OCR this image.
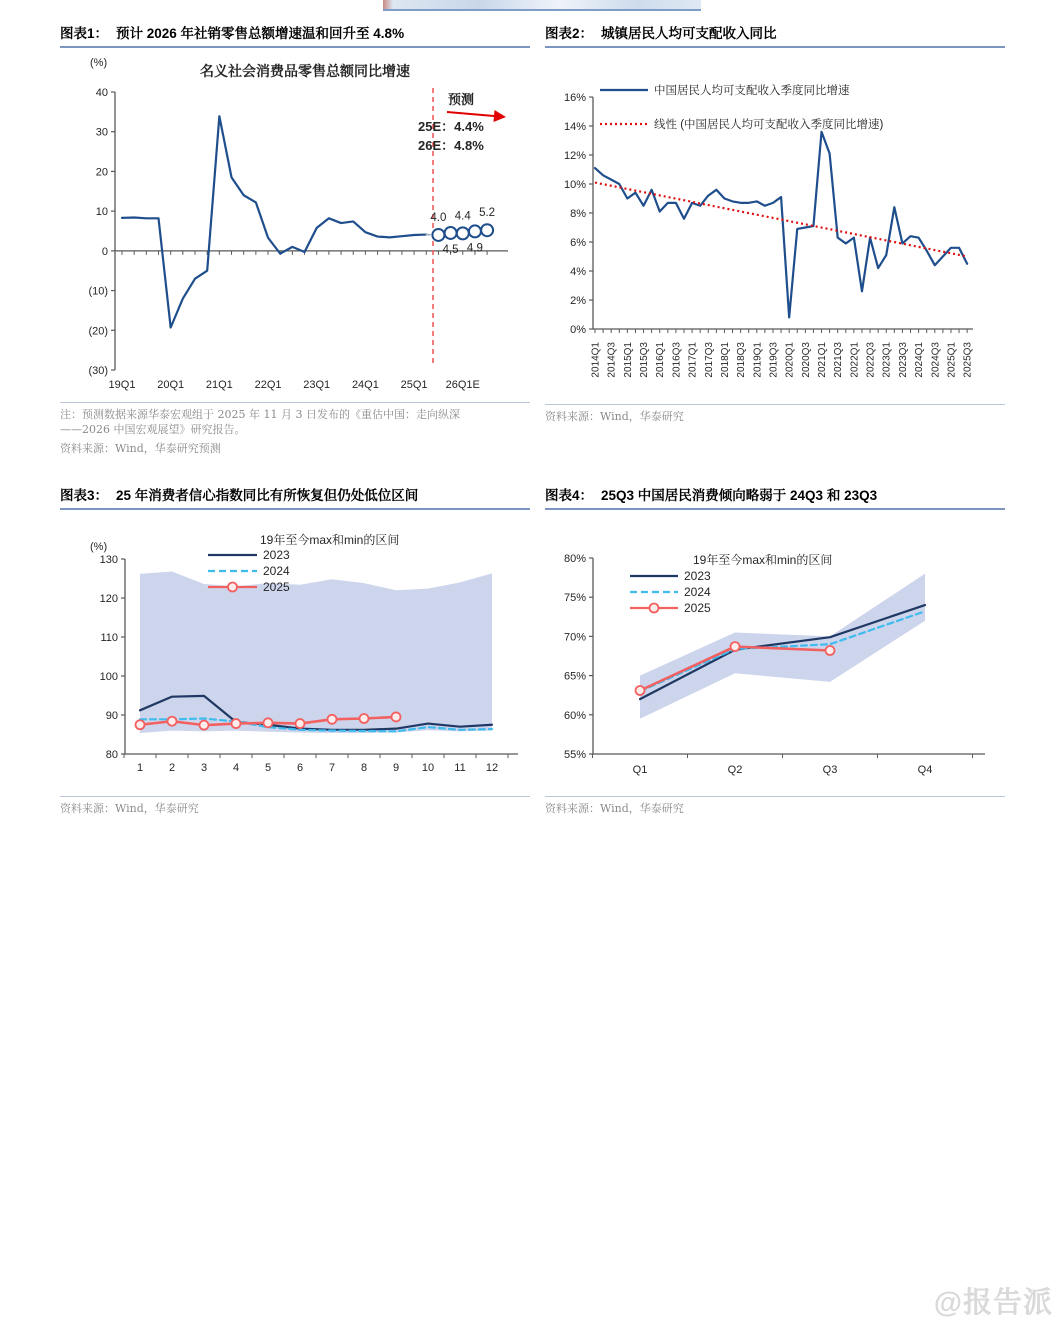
图表1： 预计 2026 年社销零售总额增速温和回升至 4.8%
40
30
20
10
0
(10)
(20)
(30)
19Q1 20Q1 21Q1 22Q1 23Q1 24Q1 25Q1 26Q1E
4.0
4.5
4.4
4.9
5.2
预测
25E：4.4%
26E：4.8%
名义社会消费品零售总额同比增速
(%)
注：预测数据来源华泰宏观组于 2025 年 11 月 3 日发布的《重估中国：走向纵深
——2026 中国宏观展望》研究报告。
资料来源：Wind，华泰研究预测
图表2： 城镇居民人均可支配收入同比
16%
14%
12%
10%
8%
6%
4%
2%
0%
2014Q1 2014Q3 2015Q1 2015Q3 2016Q1 2016Q3 2017Q1 2017Q3 2018Q1 2018Q3 2019Q1 2019Q3 2020Q1 2020Q3 2021Q1 2021Q3 2022Q1 2022Q3 2023Q1 2023Q3 2024Q1 2024Q3 2025Q1 2025Q3
中国居民人均可支配收入季度同比增速
线性 (中国居民人均可支配收入季度同比增速)
资料来源：Wind，华泰研究
图表3： 25 年消费者信心指数同比有所恢复但仍处低位区间
130
120
110
100
90
80
1 2 3 4 5 6 7 8 9 10 11 12
19年至今max和min的区间
2023
2024
2025
(%)
资料来源：Wind，华泰研究
图表4： 25Q3 中国居民消费倾向略弱于 24Q3 和 23Q3
80%
75%
70%
65%
60%
55%
Q1	Q2	Q3	Q4
19年至今max和min的区间
2023
2024
2025
资料来源：Wind，华泰研究
@报告派
